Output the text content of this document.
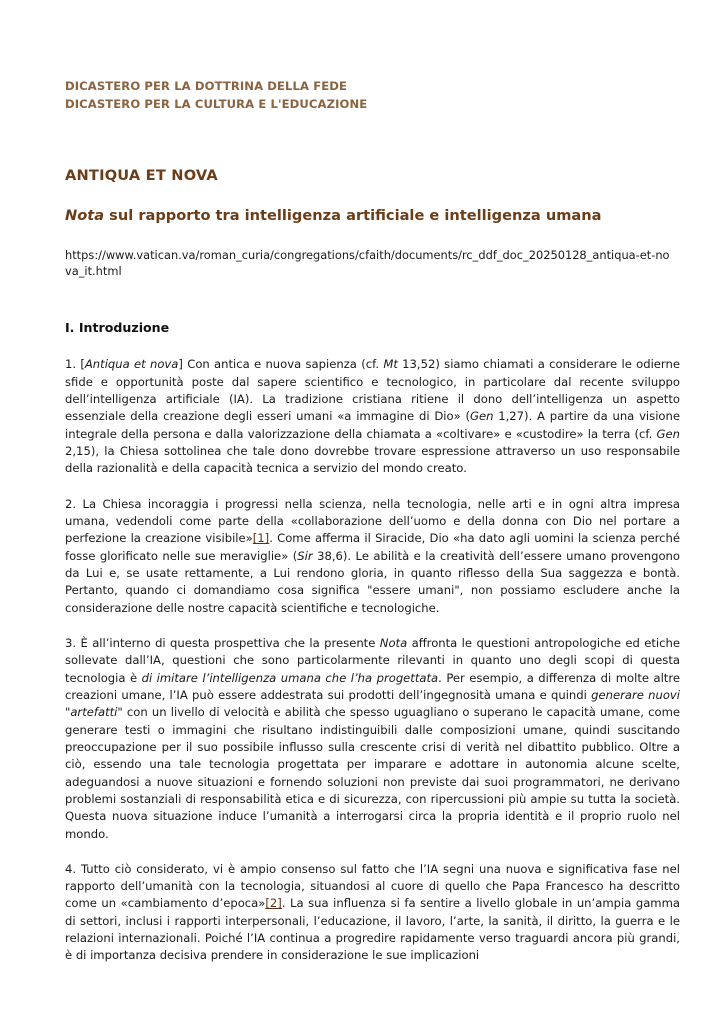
DICASTERO PER LA DOTTRINA DELLA FEDE
DICASTERO PER LA CULTURA E L'EDUCAZIONE
ANTIQUA ET NOVA
Nota sul rapporto tra intelligenza artificiale e intelligenza umana
https://www.vatican.va/roman_curia/congregations/cfaith/documents/rc_ddf_doc_20250128_antiqua-et-nova_it.html
I. Introduzione

1. [Antiqua et nova] Con antica e nuova sapienza (cf. Mt 13,52) siamo chiamati a considerare le odierne sfide e opportunità poste dal sapere scientifico e tecnologico, in particolare dal recente sviluppo dell’intelligenza artificiale (IA). La tradizione cristiana ritiene il dono dell’intelligenza un aspetto essenziale della creazione degli esseri umani «a immagine di Dio» (Gen 1,27). A partire da una visione integrale della persona e dalla valorizzazione della chiamata a «coltivare» e «custodire» la terra (cf. Gen 2,15), la Chiesa sottolinea che tale dono dovrebbe trovare espressione attraverso un uso responsabile della razionalità e della capacità tecnica a servizio del mondo creato.

2. La Chiesa incoraggia i progressi nella scienza, nella tecnologia, nelle arti e in ogni altra impresa umana, vedendoli come parte della «collaborazione dell’uomo e della donna con Dio nel portare a perfezione la creazione visibile»[1]. Come afferma il Siracide, Dio «ha dato agli uomini la scienza perché fosse glorificato nelle sue meraviglie» (Sir 38,6). Le abilità e la creatività dell’essere umano provengono da Lui e, se usate rettamente, a Lui rendono gloria, in quanto riflesso della Sua saggezza e bontà. Pertanto, quando ci domandiamo cosa significa "essere umani", non possiamo escludere anche la considerazione delle nostre capacità scientifiche e tecnologiche.

3. È all’interno di questa prospettiva che la presente Nota affronta le questioni antropologiche ed etiche sollevate dall’IA, questioni che sono particolarmente rilevanti in quanto uno degli scopi di questa tecnologia è di imitare l’intelligenza umana che l’ha progettata. Per esempio, a differenza di molte altre creazioni umane, l’IA può essere addestrata sui prodotti dell’ingegnosità umana e quindi generare nuovi "artefatti" con un livello di velocità e abilità che spesso uguagliano o superano le capacità umane, come generare testi o immagini che risultano indistinguibili dalle composizioni umane, quindi suscitando preoccupazione per il suo possibile influsso sulla crescente crisi di verità nel dibattito pubblico. Oltre a ciò, essendo una tale tecnologia progettata per imparare e adottare in autonomia alcune scelte, adeguandosi a nuove situazioni e fornendo soluzioni non previste dai suoi programmatori, ne derivano problemi sostanziali di responsabilità etica e di sicurezza, con ripercussioni più ampie su tutta la società. Questa nuova situazione induce l’umanità a interrogarsi circa la propria identità e il proprio ruolo nel mondo.

4. Tutto ciò considerato, vi è ampio consenso sul fatto che l’IA segni una nuova e significativa fase nel rapporto dell’umanità con la tecnologia, situandosi al cuore di quello che Papa Francesco ha descritto come un «cambiamento d’epoca»[2]. La sua influenza si fa sentire a livello globale in un’ampia gamma di settori, inclusi i rapporti interpersonali, l’educazione, il lavoro, l’arte, la sanità, il diritto, la guerra e le relazioni internazionali. Poiché l’IA continua a progredire rapidamente verso traguardi ancora più grandi, è di importanza decisiva prendere in considerazione le sue implicazioni
